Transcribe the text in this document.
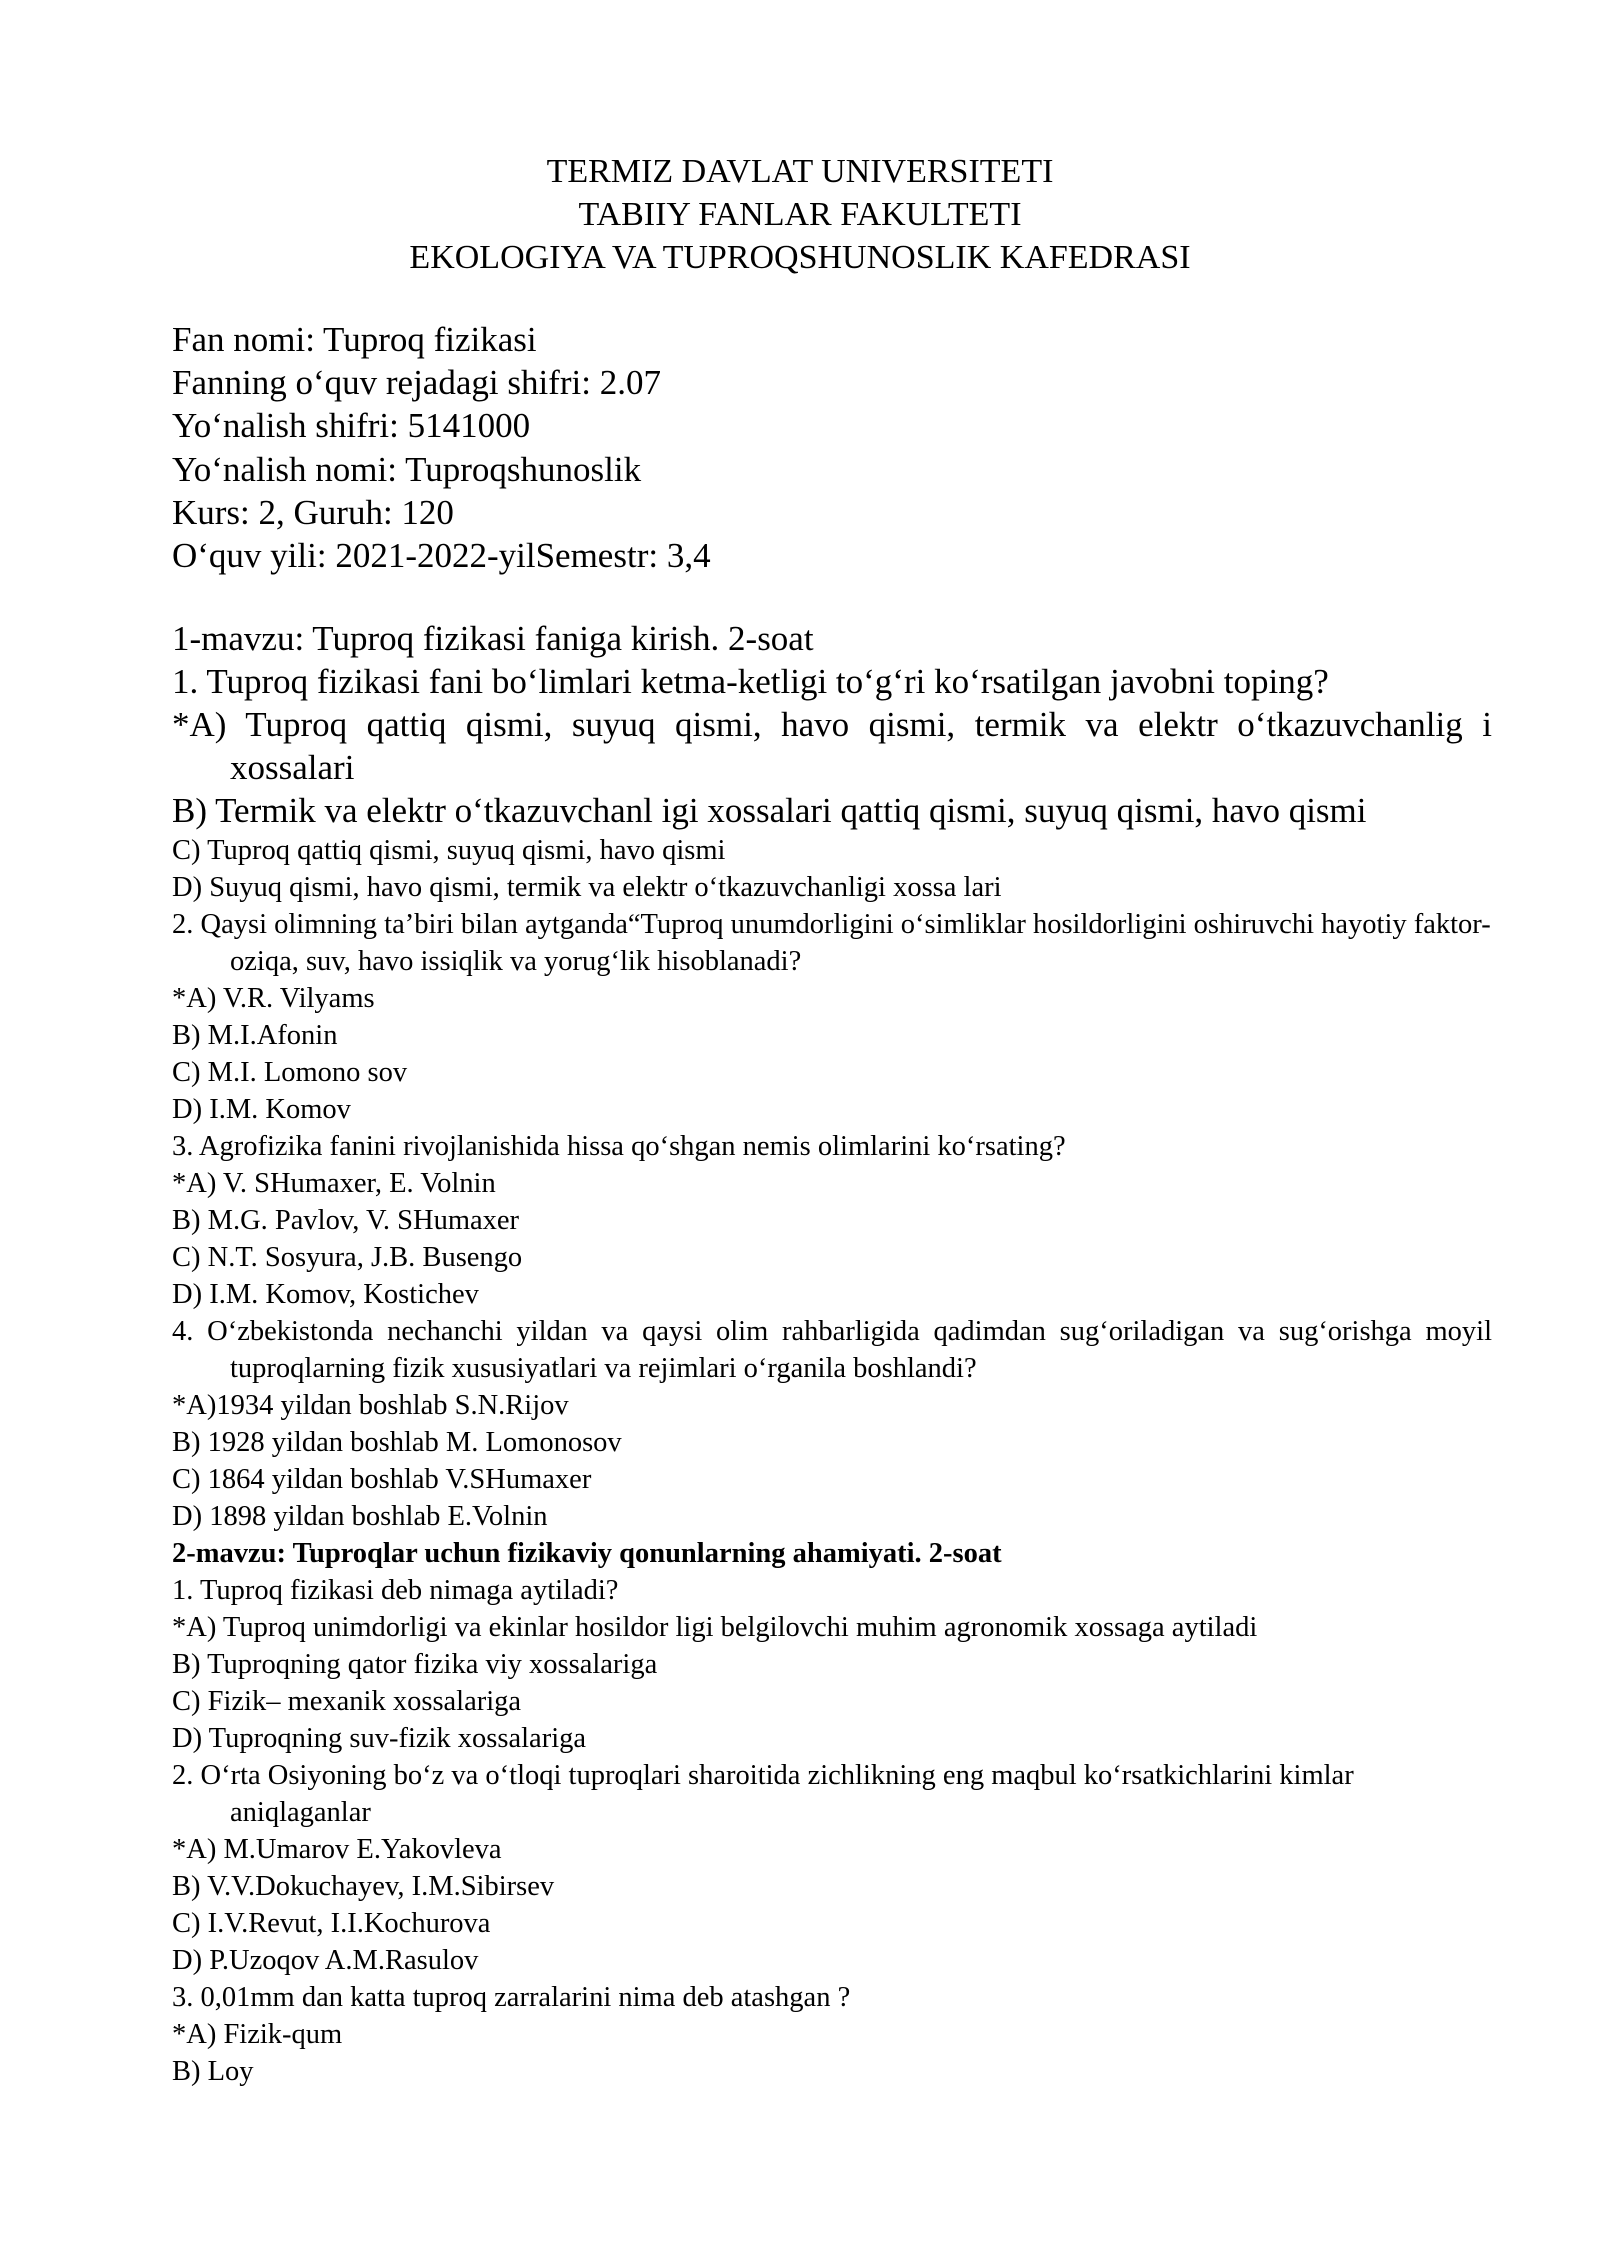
TERMIZ DAVLAT UNIVERSITETI
TABIIY FANLAR FAKULTETI
EKOLOGIYA VA TUPROQSHUNOSLIK KAFEDRASI
Fan nomi: Tuproq fizikasi
Fanning o‘quv rejadagi shifri: 2.07
Yo‘nalish shifri: 5141000
Yo‘nalish nomi: Tuproqshunoslik
Kurs: 2, Guruh: 120
O‘quv yili: 2021-2022-yilSemestr: 3,4
1-mavzu: Tuproq fizikasi faniga kirish. 2-soat
1. Tuproq fizikasi fani bo‘limlari ketma-ketligi to‘g‘ri ko‘rsatilgan javobni toping?
*A) Tuproq qattiq qismi, suyuq qismi, havo qismi, termik va elektr o‘tkazuvchanlig i xossalari
B) Termik va elektr o‘tkazuvchanl igi xossalari qattiq qismi, suyuq qismi, havo qismi
C) Tuproq qattiq qismi, suyuq qismi, havo qismi
D) Suyuq qismi, havo qismi, termik va elektr o‘tkazuvchanligi xossa lari
2. Qaysi olimning ta’biri bilan aytganda“Tuproq unumdorligini o‘simliklar hosildorligini oshiruvchi hayotiy faktor-oziqa, suv, havo issiqlik va yorug‘lik hisoblanadi?
*A) V.R. Vilyams
B) M.I.Afonin
C) M.I. Lomono sov
D) I.M. Komov
3. Agrofizika fanini rivojlanishida hissa qo‘shgan nemis olimlarini ko‘rsating?
*A) V. SHumaxer, E. Volnin
B) M.G. Pavlov, V. SHumaxer
C) N.T. Sosyura, J.B. Busengo
D) I.M. Komov, Kostichev
4. O‘zbekistonda nechanchi yildan va qaysi olim rahbarligida qadimdan sug‘oriladigan va sug‘orishga moyil tuproqlarning fizik xususiyatlari va rejimlari o‘rganila boshlandi?
*A)1934 yildan boshlab S.N.Rijov
B) 1928 yildan boshlab M. Lomonosov
C) 1864 yildan boshlab V.SHumaxer
D) 1898 yildan boshlab E.Volnin
2-mavzu: Tuproqlar uchun fizikaviy qonunlarning ahamiyati. 2-soat
1. Tuproq fizikasi deb nimaga aytiladi?
*A) Tuproq unimdorligi va ekinlar hosildor ligi belgilovchi muhim agronomik xossaga aytiladi
B) Tuproqning qator fizika viy xossalariga
C) Fizik– mexanik xossalariga
D) Tuproqning suv-fizik xossalariga
2. O‘rta Osiyoning bo‘z va o‘tloqi tuproqlari sharoitida zichlikning eng maqbul ko‘rsatkichlarini kimlar aniqlaganlar
*A) M.Umarov E.Yakovleva
B) V.V.Dokuchayev, I.M.Sibirsev
C) I.V.Revut, I.I.Kochurova
D) P.Uzoqov A.M.Rasulov
3. 0,01mm dan katta tuproq zarralarini nima deb atashgan ?
*A) Fizik-qum
B) Loy
